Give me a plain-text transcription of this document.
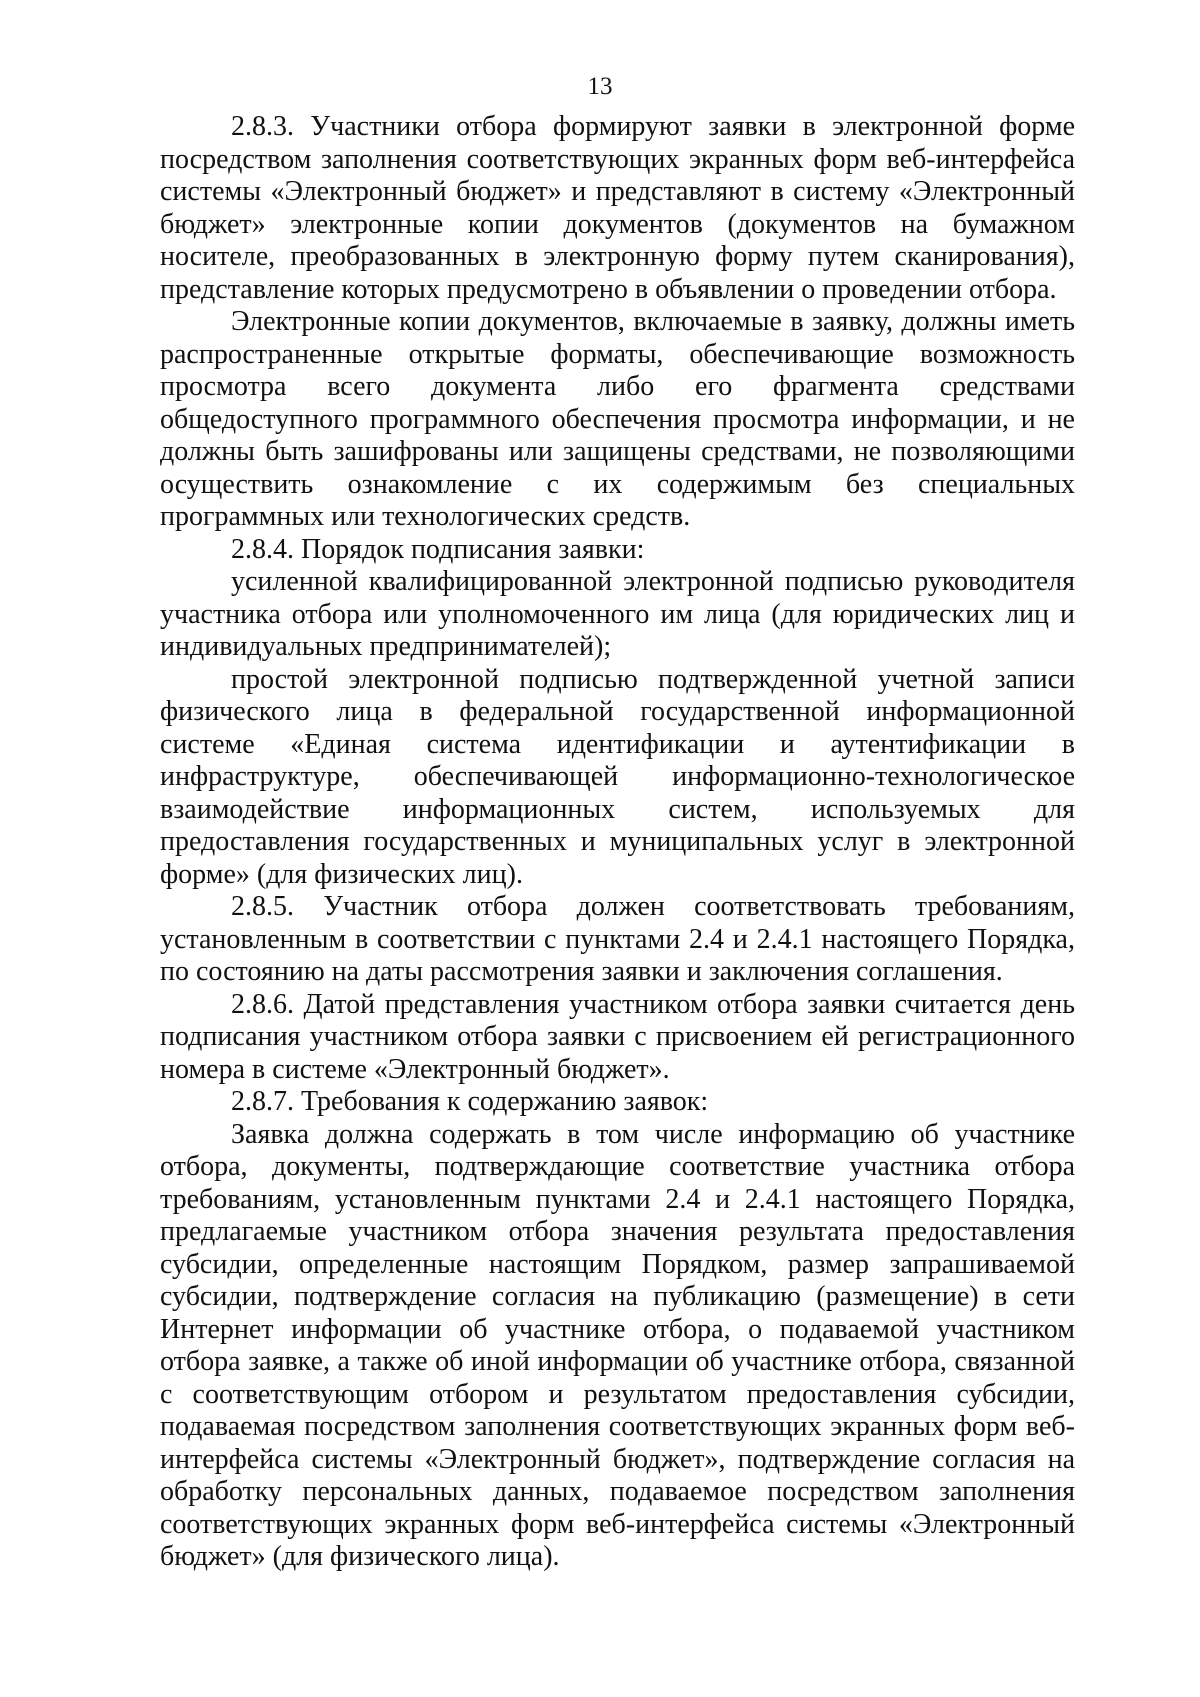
13

2.8.3. Участники отбора формируют заявки в электронной форме посредством заполнения соответствующих экранных форм веб-интерфейса системы «Электронный бюджет» и представляют в систему «Электронный бюджет» электронные копии документов (документов на бумажном носителе, преобразованных в электронную форму путем сканирования), представление которых предусмотрено в объявлении о проведении отбора.

Электронные копии документов, включаемые в заявку, должны иметь распространенные открытые форматы, обеспечивающие возможность просмотра всего документа либо его фрагмента средствами общедоступного программного обеспечения просмотра информации, и не должны быть зашифрованы или защищены средствами, не позволяющими осуществить ознакомление с их содержимым без специальных программных или технологических средств.

2.8.4. Порядок подписания заявки:

усиленной квалифицированной электронной подписью руководителя участника отбора или уполномоченного им лица (для юридических лиц и индивидуальных предпринимателей);

простой электронной подписью подтвержденной учетной записи физического лица в федеральной государственной информационной системе «Единая система идентификации и аутентификации в инфраструктуре, обеспечивающей информационно-технологическое взаимодействие информационных систем, используемых для предоставления государственных и муниципальных услуг в электронной форме» (для физических лиц).

2.8.5. Участник отбора должен соответствовать требованиям, установленным в соответствии с пунктами 2.4 и 2.4.1 настоящего Порядка, по состоянию на даты рассмотрения заявки и заключения соглашения.

2.8.6. Датой представления участником отбора заявки считается день подписания участником отбора заявки с присвоением ей регистрационного номера в системе «Электронный бюджет».

2.8.7. Требования к содержанию заявок:

Заявка должна содержать в том числе информацию об участнике отбора, документы, подтверждающие соответствие участника отбора требованиям, установленным пунктами 2.4 и 2.4.1 настоящего Порядка, предлагаемые участником отбора значения результата предоставления субсидии, определенные настоящим Порядком, размер запрашиваемой субсидии, подтверждение согласия на публикацию (размещение) в сети Интернет информации об участнике отбора, о подаваемой участником отбора заявке, а также об иной информации об участнике отбора, связанной с соответствующим отбором и результатом предоставления субсидии, подаваемая посредством заполнения соответствующих экранных форм веб-интерфейса системы «Электронный бюджет», подтверждение согласия на обработку персональных данных, подаваемое посредством заполнения соответствующих экранных форм веб-интерфейса системы «Электронный бюджет» (для физического лица).
